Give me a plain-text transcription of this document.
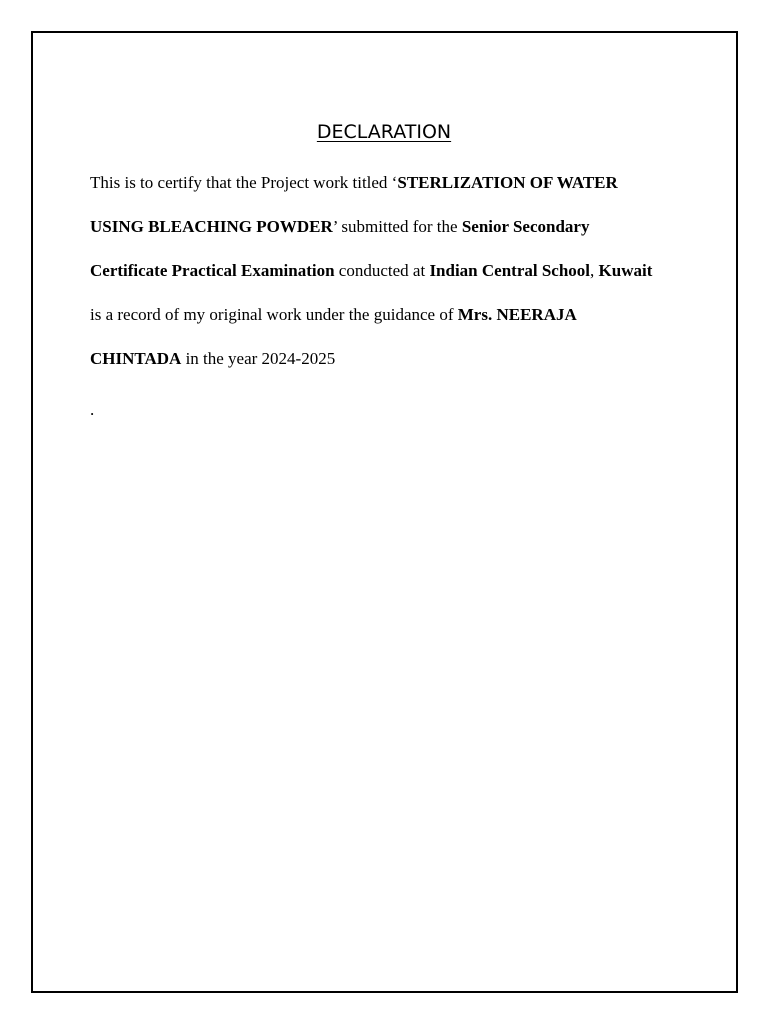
DECLARATION
This is to certify that the Project work titled ‘STERLIZATION OF WATER
USING BLEACHING POWDER’ submitted for the Senior Secondary
Certificate Practical Examination conducted at Indian Central School, Kuwait
is a record of my original work under the guidance of Mrs. NEERAJA
CHINTADA in the year 2024-2025
.
